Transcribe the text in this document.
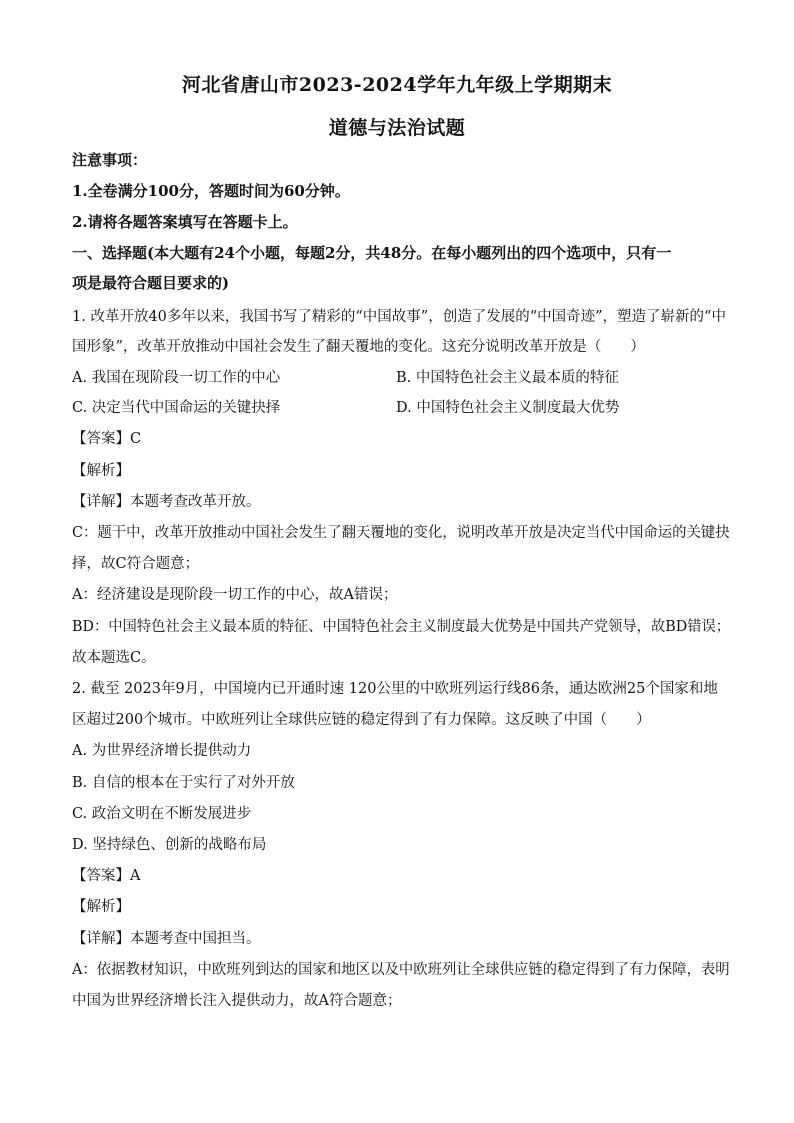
河北省唐山市2023-2024学年九年级上学期期末
道德与法治试题
注意事项：
1.全卷满分100分，答题时间为60分钟。
2.请将各题答案填写在答题卡上。
一、选择题(本大题有24个小题，每题2分，共48分。在每小题列出的四个选项中，只有一
项是最符合题目要求的)
1. 改革开放40多年以来，我国书写了精彩的“中国故事”，创造了发展的“中国奇迹”，塑造了崭新的“中
国形象”，改革开放推动中国社会发生了翻天覆地的变化。这充分说明改革开放是（　　）
A. 我国在现阶段一切工作的中心	B. 中国特色社会主义最本质的特征
C. 决定当代中国命运的关键抉择	D. 中国特色社会主义制度最大优势
【答案】C
【解析】
【详解】本题考查改革开放。
C：题干中，改革开放推动中国社会发生了翻天覆地的变化，说明改革开放是决定当代中国命运的关键抉
择，故C符合题意；
A：经济建设是现阶段一切工作的中心，故A错误；
BD：中国特色社会主义最本质的特征、中国特色社会主义制度最大优势是中国共产党领导，故BD错误；
故本题选C。
2. 截至 2023年9月，中国境内已开通时速 120公里的中欧班列运行线86条，通达欧洲25个国家和地
区超过200个城市。中欧班列让全球供应链的稳定得到了有力保障。这反映了中国（　　）
A. 为世界经济增长提供动力
B. 自信的根本在于实行了对外开放
C. 政治文明在不断发展进步
D. 坚持绿色、创新的战略布局
【答案】A
【解析】
【详解】本题考查中国担当。
A：依据教材知识，中欧班列到达的国家和地区以及中欧班列让全球供应链的稳定得到了有力保障，表明
中国为世界经济增长注入提供动力，故A符合题意；
